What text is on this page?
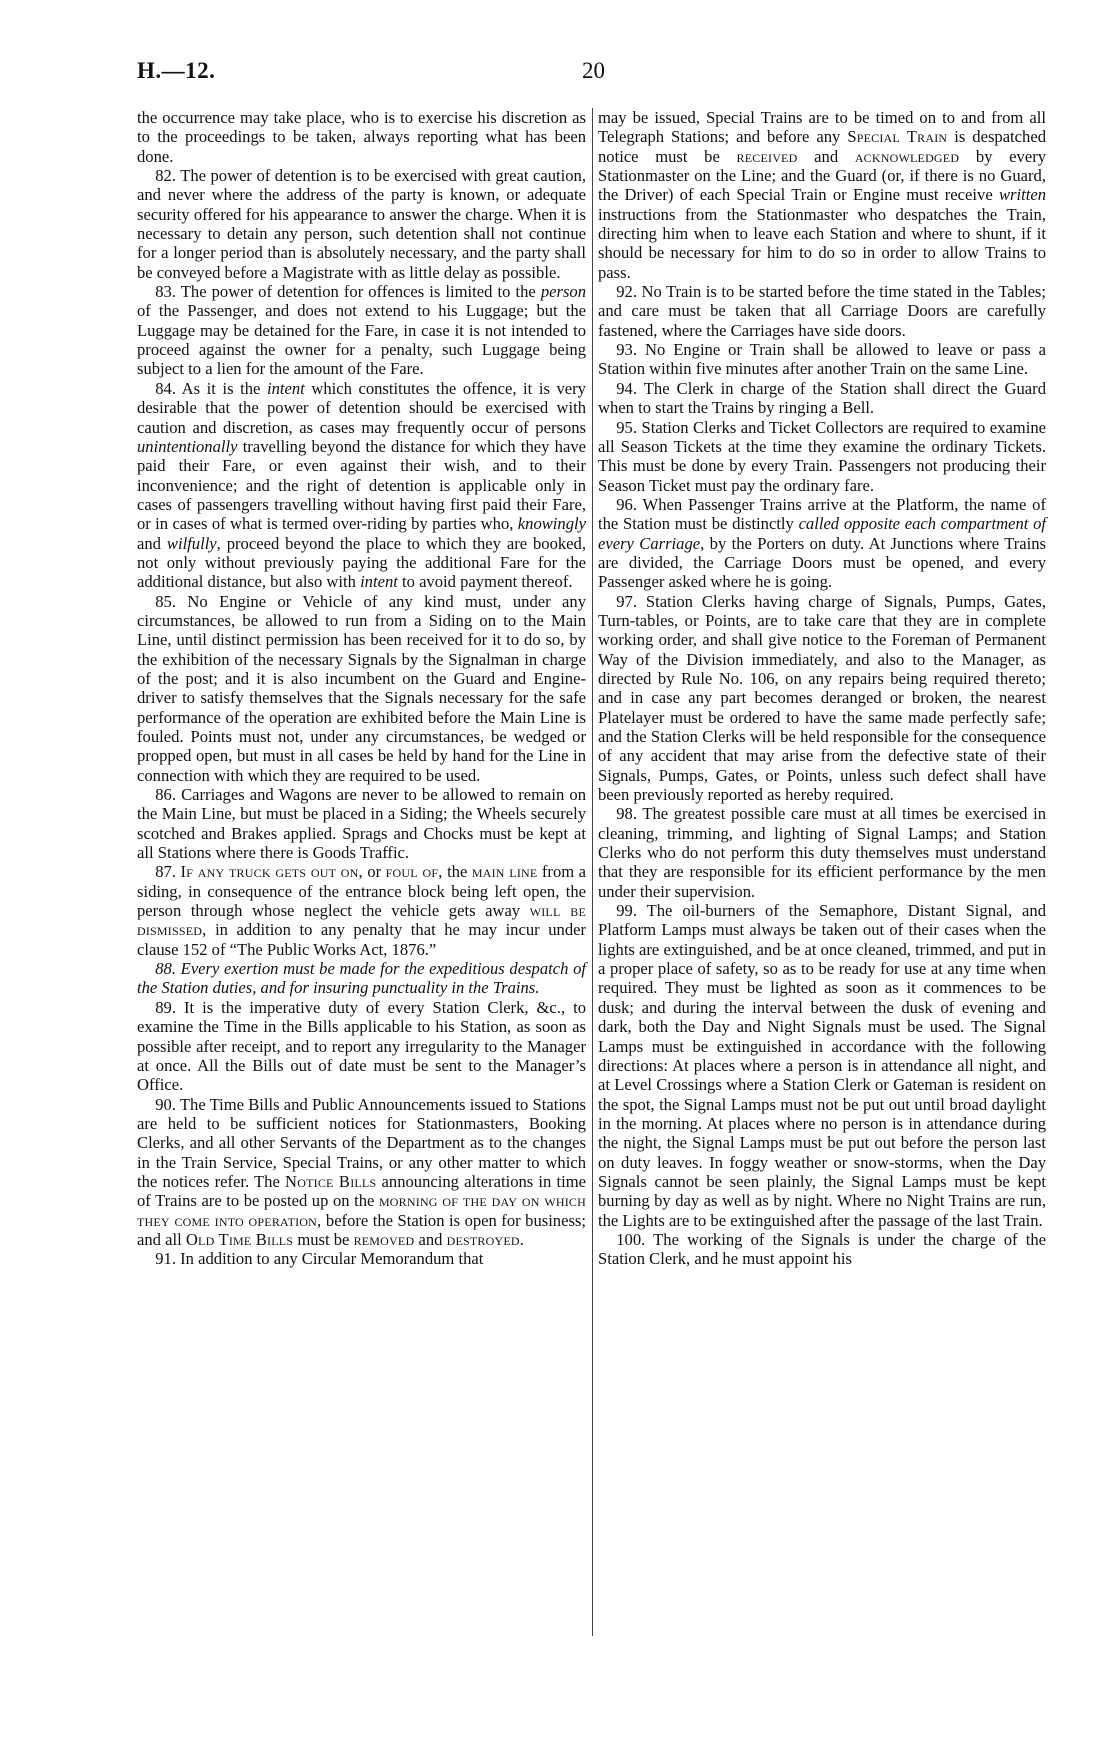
H.—12.	20

the occurrence may take place, who is to exercise his discretion as to the proceedings to be taken, always reporting what has been done.

82. The power of detention is to be exercised with great caution, and never where the address of the party is known, or adequate security offered for his appearance to answer the charge. When it is necessary to detain any person, such detention shall not continue for a longer period than is absolutely necessary, and the party shall be conveyed before a Magistrate with as little delay as possible.

83. The power of detention for offences is limited to the person of the Passenger, and does not extend to his Luggage; but the Luggage may be detained for the Fare, in case it is not intended to proceed against the owner for a penalty, such Luggage being subject to a lien for the amount of the Fare.

84. As it is the intent which constitutes the offence, it is very desirable that the power of detention should be exercised with caution and discretion, as cases may frequently occur of persons unintentionally travelling beyond the distance for which they have paid their Fare, or even against their wish, and to their inconvenience; and the right of detention is applicable only in cases of passengers travelling without having first paid their Fare, or in cases of what is termed over-riding by parties who, knowingly and wilfully, proceed beyond the place to which they are booked, not only without previously paying the additional Fare for the additional distance, but also with intent to avoid payment thereof.

85. No Engine or Vehicle of any kind must, under any circumstances, be allowed to run from a Siding on to the Main Line, until distinct permission has been received for it to do so, by the exhibition of the necessary Signals by the Signalman in charge of the post; and it is also incumbent on the Guard and Engine-driver to satisfy themselves that the Signals necessary for the safe performance of the operation are exhibited before the Main Line is fouled. Points must not, under any circumstances, be wedged or propped open, but must in all cases be held by hand for the Line in connection with which they are required to be used.

86. Carriages and Wagons are never to be allowed to remain on the Main Line, but must be placed in a Siding; the Wheels securely scotched and Brakes applied. Sprags and Chocks must be kept at all Stations where there is Goods Traffic.

87. If any truck gets out on, or foul of, the main line from a siding, in consequence of the entrance block being left open, the person through whose neglect the vehicle gets away will be dismissed, in addition to any penalty that he may incur under clause 152 of “The Public Works Act, 1876.”

88. Every exertion must be made for the expeditious despatch of the Station duties, and for insuring punctuality in the Trains.

89. It is the imperative duty of every Station Clerk, &c., to examine the Time in the Bills applicable to his Station, as soon as possible after receipt, and to report any irregularity to the Manager at once. All the Bills out of date must be sent to the Manager’s Office.

90. The Time Bills and Public Announcements issued to Stations are held to be sufficient notices for Stationmasters, Booking Clerks, and all other Servants of the Department as to the changes in the Train Service, Special Trains, or any other matter to which the notices refer. The Notice Bills announcing alterations in time of Trains are to be posted up on the morning of the day on which they come into operation, before the Station is open for business; and all Old Time Bills must be removed and destroyed.

91. In addition to any Circular Memorandum that

may be issued, Special Trains are to be timed on to and from all Telegraph Stations; and before any Special Train is despatched notice must be received and acknowledged by every Stationmaster on the Line; and the Guard (or, if there is no Guard, the Driver) of each Special Train or Engine must receive written instructions from the Stationmaster who despatches the Train, directing him when to leave each Station and where to shunt, if it should be necessary for him to do so in order to allow Trains to pass.

92. No Train is to be started before the time stated in the Tables; and care must be taken that all Carriage Doors are carefully fastened, where the Carriages have side doors.

93. No Engine or Train shall be allowed to leave or pass a Station within five minutes after another Train on the same Line.

94. The Clerk in charge of the Station shall direct the Guard when to start the Trains by ringing a Bell.

95. Station Clerks and Ticket Collectors are required to examine all Season Tickets at the time they examine the ordinary Tickets. This must be done by every Train. Passengers not producing their Season Ticket must pay the ordinary fare.

96. When Passenger Trains arrive at the Platform, the name of the Station must be distinctly called opposite each compartment of every Carriage, by the Porters on duty. At Junctions where Trains are divided, the Carriage Doors must be opened, and every Passenger asked where he is going.

97. Station Clerks having charge of Signals, Pumps, Gates, Turn-tables, or Points, are to take care that they are in complete working order, and shall give notice to the Foreman of Permanent Way of the Division immediately, and also to the Manager, as directed by Rule No. 106, on any repairs being required thereto; and in case any part becomes deranged or broken, the nearest Platelayer must be ordered to have the same made perfectly safe; and the Station Clerks will be held responsible for the consequence of any accident that may arise from the defective state of their Signals, Pumps, Gates, or Points, unless such defect shall have been previously reported as hereby required.

98. The greatest possible care must at all times be exercised in cleaning, trimming, and lighting of Signal Lamps; and Station Clerks who do not perform this duty themselves must understand that they are responsible for its efficient performance by the men under their supervision.

99. The oil-burners of the Semaphore, Distant Signal, and Platform Lamps must always be taken out of their cases when the lights are extinguished, and be at once cleaned, trimmed, and put in a proper place of safety, so as to be ready for use at any time when required. They must be lighted as soon as it commences to be dusk; and during the interval between the dusk of evening and dark, both the Day and Night Signals must be used. The Signal Lamps must be extinguished in accordance with the following directions: At places where a person is in attendance all night, and at Level Crossings where a Station Clerk or Gateman is resident on the spot, the Signal Lamps must not be put out until broad daylight in the morning. At places where no person is in attendance during the night, the Signal Lamps must be put out before the person last on duty leaves. In foggy weather or snow-storms, when the Day Signals cannot be seen plainly, the Signal Lamps must be kept burning by day as well as by night. Where no Night Trains are run, the Lights are to be extinguished after the passage of the last Train.

100. The working of the Signals is under the charge of the Station Clerk, and he must appoint his
